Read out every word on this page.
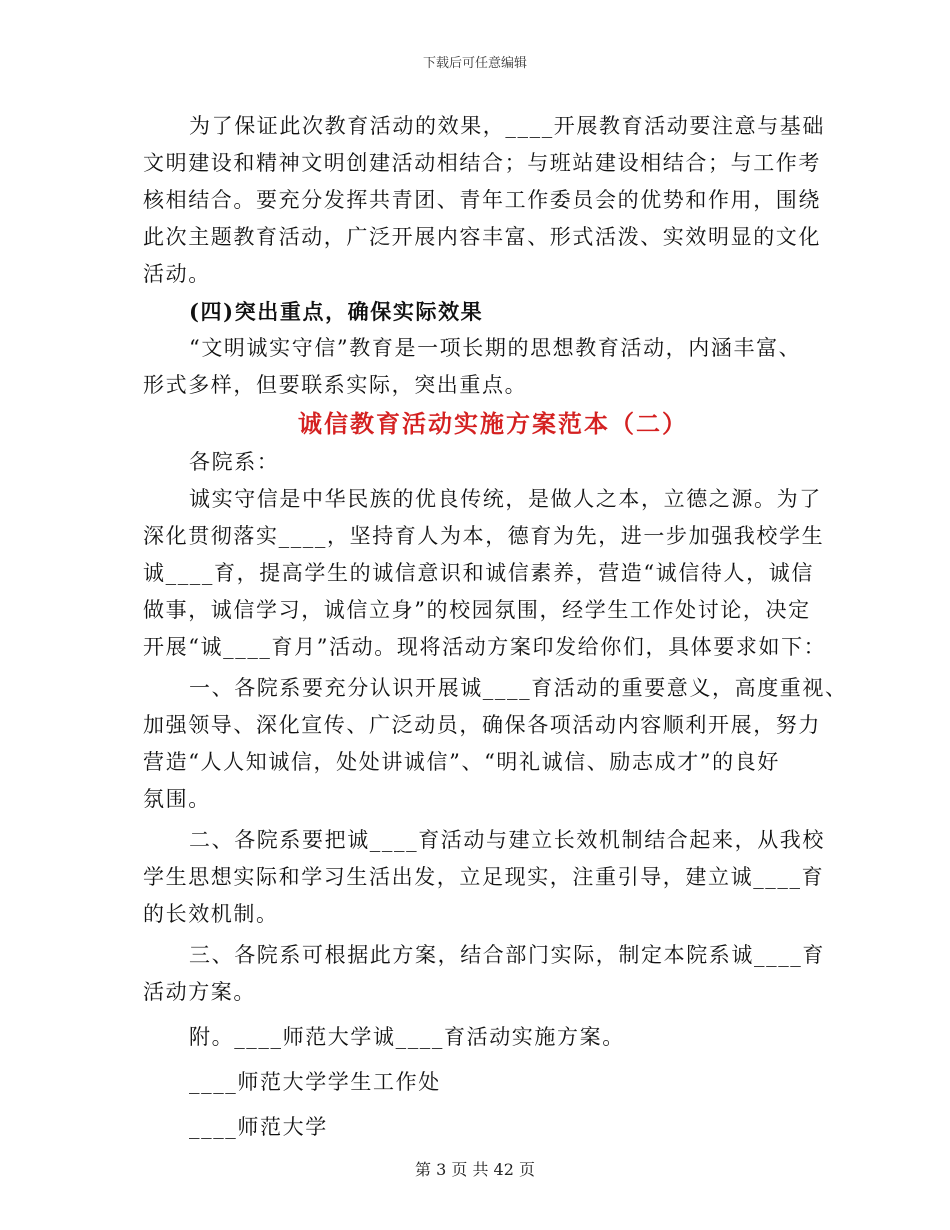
下载后可任意编辑
为了保证此次教育活动的效果，____开展教育活动要注意与基础
文明建设和精神文明创建活动相结合；与班站建设相结合；与工作考
核相结合。要充分发挥共青团、青年工作委员会的优势和作用，围绕
此次主题教育活动，广泛开展内容丰富、形式活泼、实效明显的文化
活动。
(四)突出重点，确保实际效果
“文明诚实守信”教育是一项长期的思想教育活动，内涵丰富、
形式多样，但要联系实际，突出重点。
诚信教育活动实施方案范本（二）
各院系：
诚实守信是中华民族的优良传统，是做人之本，立德之源。为了
深化贯彻落实____，坚持育人为本，德育为先，进一步加强我校学生
诚____育，提高学生的诚信意识和诚信素养，营造“诚信待人，诚信
做事，诚信学习，诚信立身”的校园氛围，经学生工作处讨论，决定
开展“诚____育月”活动。现将活动方案印发给你们，具体要求如下：
一、各院系要充分认识开展诚____育活动的重要意义，高度重视、
加强领导、深化宣传、广泛动员，确保各项活动内容顺利开展，努力
营造“人人知诚信，处处讲诚信”、“明礼诚信、励志成才”的良好
氛围。
二、各院系要把诚____育活动与建立长效机制结合起来，从我校
学生思想实际和学习生活出发，立足现实，注重引导，建立诚____育
的长效机制。
三、各院系可根据此方案，结合部门实际，制定本院系诚____育
活动方案。
附。____师范大学诚____育活动实施方案。
____师范大学学生工作处
____师范大学
第 3 页 共 42 页
